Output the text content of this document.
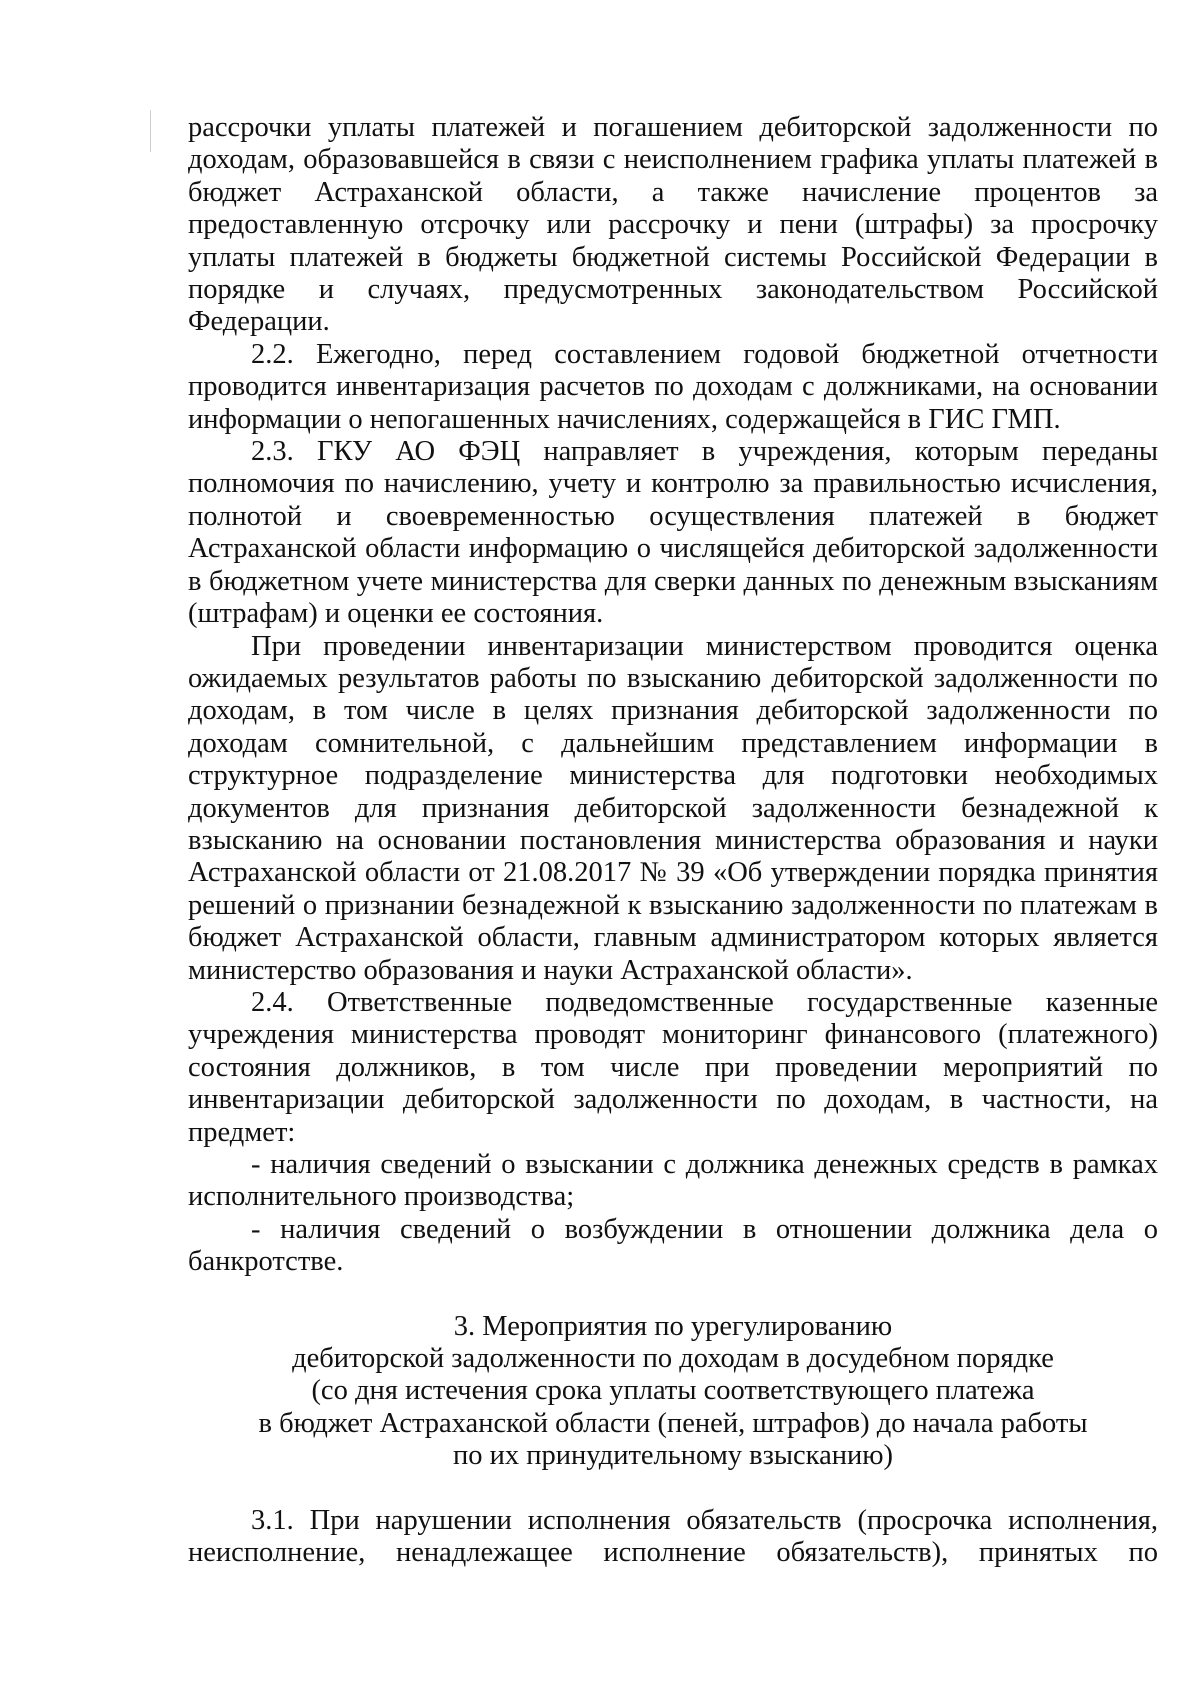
рассрочки уплаты платежей и погашением дебиторской задолженности по доходам, образовавшейся в связи с неисполнением графика уплаты платежей в бюджет Астраханской области, а также начисление процентов за предоставленную отсрочку или рассрочку и пени (штрафы) за просрочку уплаты платежей в бюджеты бюджетной системы Российской Федерации в порядке и случаях, предусмотренных законодательством Российской Федерации.

2.2. Ежегодно, перед составлением годовой бюджетной отчетности проводится инвентаризация расчетов по доходам с должниками, на основании информации о непогашенных начислениях, содержащейся в ГИС ГМП.

2.3. ГКУ АО ФЭЦ направляет в учреждения, которым переданы полномочия по начислению, учету и контролю за правильностью исчисления, полнотой и своевременностью осуществления платежей в бюджет Астраханской области информацию о числящейся дебиторской задолженности в бюджетном учете министерства для сверки данных по денежным взысканиям (штрафам) и оценки ее состояния.

При проведении инвентаризации министерством проводится оценка ожидаемых результатов работы по взысканию дебиторской задолженности по доходам, в том числе в целях признания дебиторской задолженности по доходам сомнительной, с дальнейшим представлением информации в структурное подразделение министерства для подготовки необходимых документов для признания дебиторской задолженности безнадежной к взысканию на основании постановления министерства образования и науки Астраханской области от 21.08.2017 № 39 «Об утверждении порядка принятия решений о признании безнадежной к взысканию задолженности по платежам в бюджет Астраханской области, главным администратором которых является министерство образования и науки Астраханской области».

2.4. Ответственные подведомственные государственные казенные учреждения министерства проводят мониторинг финансового (платежного) состояния должников, в том числе при проведении мероприятий по инвентаризации дебиторской задолженности по доходам, в частности, на предмет:

- наличия сведений о взыскании с должника денежных средств в рамках исполнительного производства;

- наличия сведений о возбуждении в отношении должника дела о банкротстве.

3. Мероприятия по урегулированию
дебиторской задолженности по доходам в досудебном порядке
(со дня истечения срока уплаты соответствующего платежа
в бюджет Астраханской области (пеней, штрафов) до начала работы
по их принудительному взысканию)

3.1. При нарушении исполнения обязательств (просрочка исполнения, неисполнение, ненадлежащее исполнение обязательств), принятых по
